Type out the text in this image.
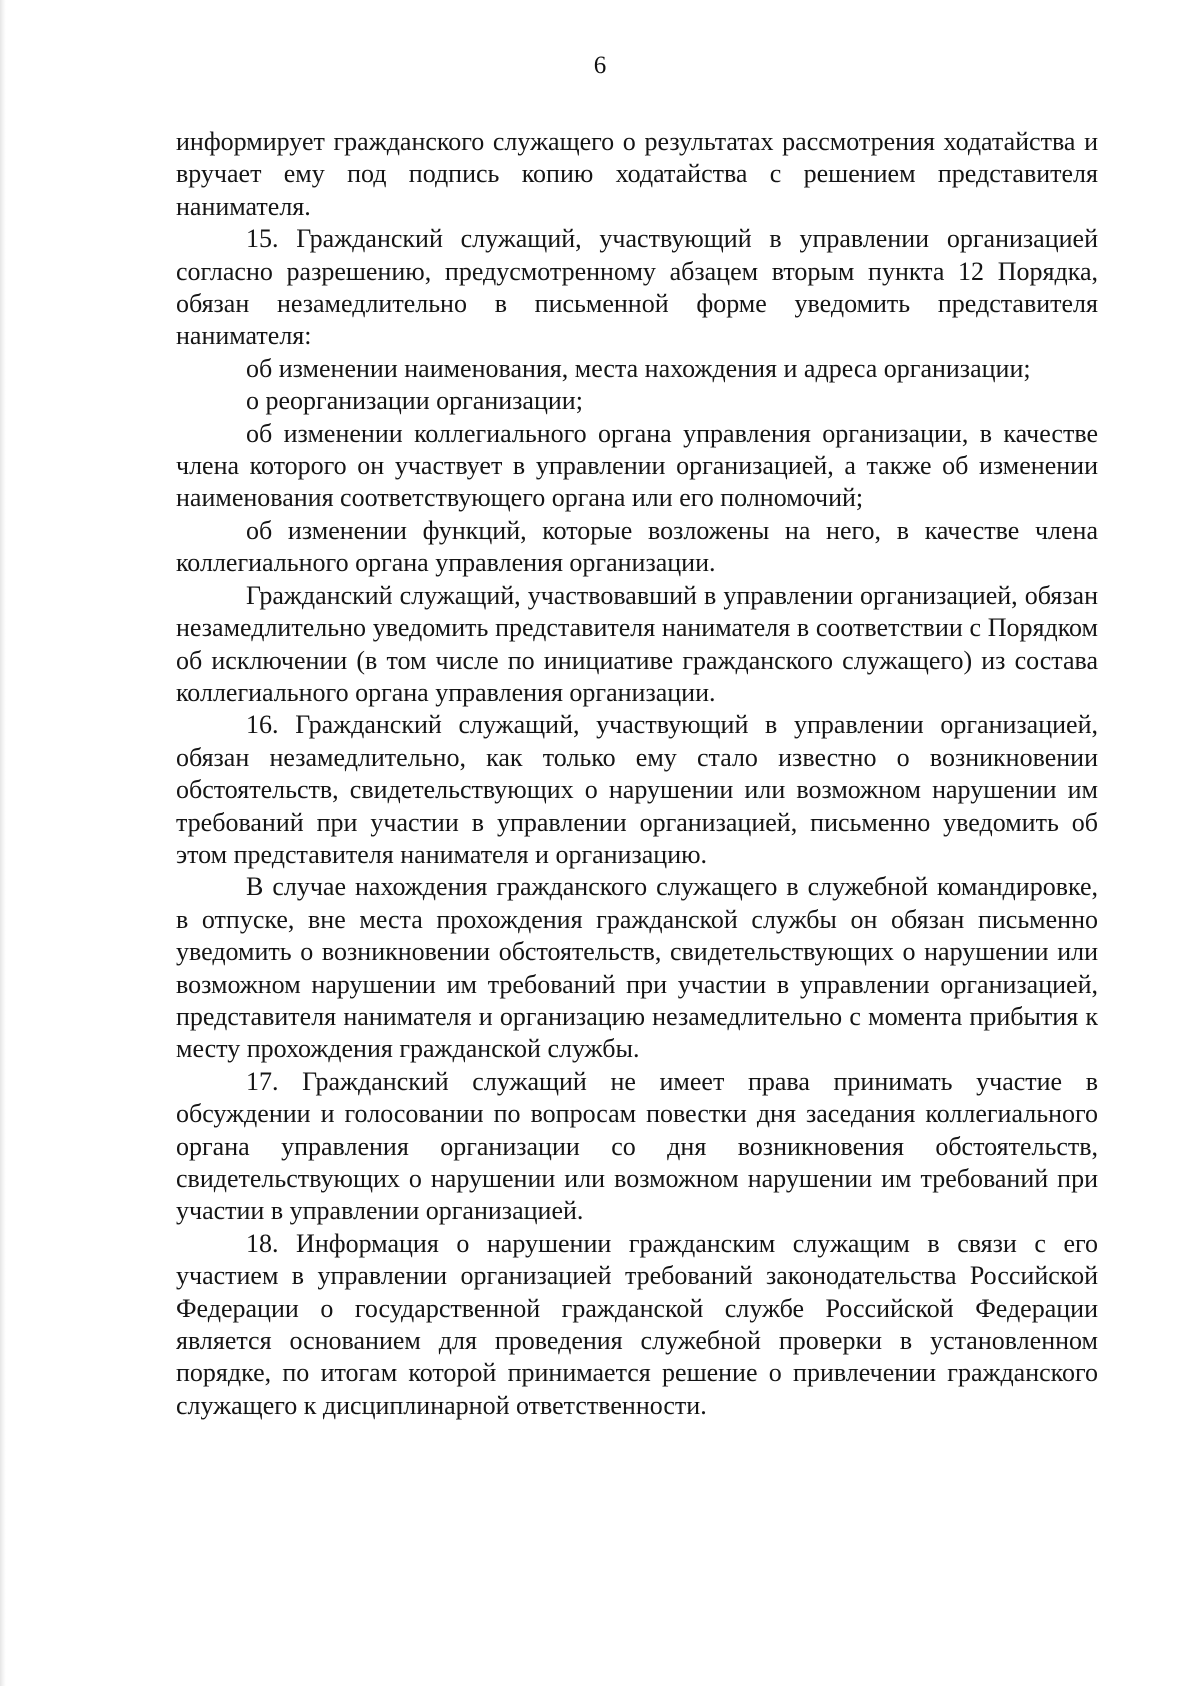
6

информирует гражданского служащего о результатах рассмотрения ходатайства и вручает ему под подпись копию ходатайства с решением представителя нанимателя.

15. Гражданский служащий, участвующий в управлении организацией согласно разрешению, предусмотренному абзацем вторым пункта 12 Порядка, обязан незамедлительно в письменной форме уведомить представителя нанимателя:

об изменении наименования, места нахождения и адреса организации;

о реорганизации организации;

об изменении коллегиального органа управления организации, в качестве члена которого он участвует в управлении организацией, а также об изменении наименования соответствующего органа или его полномочий;

об изменении функций, которые возложены на него, в качестве члена коллегиального органа управления организации.

Гражданский служащий, участвовавший в управлении организацией, обязан незамедлительно уведомить представителя нанимателя в соответствии с Порядком об исключении (в том числе по инициативе гражданского служащего) из состава коллегиального органа управления организации.

16. Гражданский служащий, участвующий в управлении организацией, обязан незамедлительно, как только ему стало известно о возникновении обстоятельств, свидетельствующих о нарушении или возможном нарушении им требований при участии в управлении организацией, письменно уведомить об этом представителя нанимателя и организацию.

В случае нахождения гражданского служащего в служебной командировке, в отпуске, вне места прохождения гражданской службы он обязан письменно уведомить о возникновении обстоятельств, свидетельствующих о нарушении или возможном нарушении им требований при участии в управлении организацией, представителя нанимателя и организацию незамедлительно с момента прибытия к месту прохождения гражданской службы.

17. Гражданский служащий не имеет права принимать участие в обсуждении и голосовании по вопросам повестки дня заседания коллегиального органа управления организации со дня возникновения обстоятельств, свидетельствующих о нарушении или возможном нарушении им требований при участии в управлении организацией.

18. Информация о нарушении гражданским служащим в связи с его участием в управлении организацией требований законодательства Российской Федерации о государственной гражданской службе Российской Федерации является основанием для проведения служебной проверки в установленном порядке, по итогам которой принимается решение о привлечении гражданского служащего к дисциплинарной ответственности.
